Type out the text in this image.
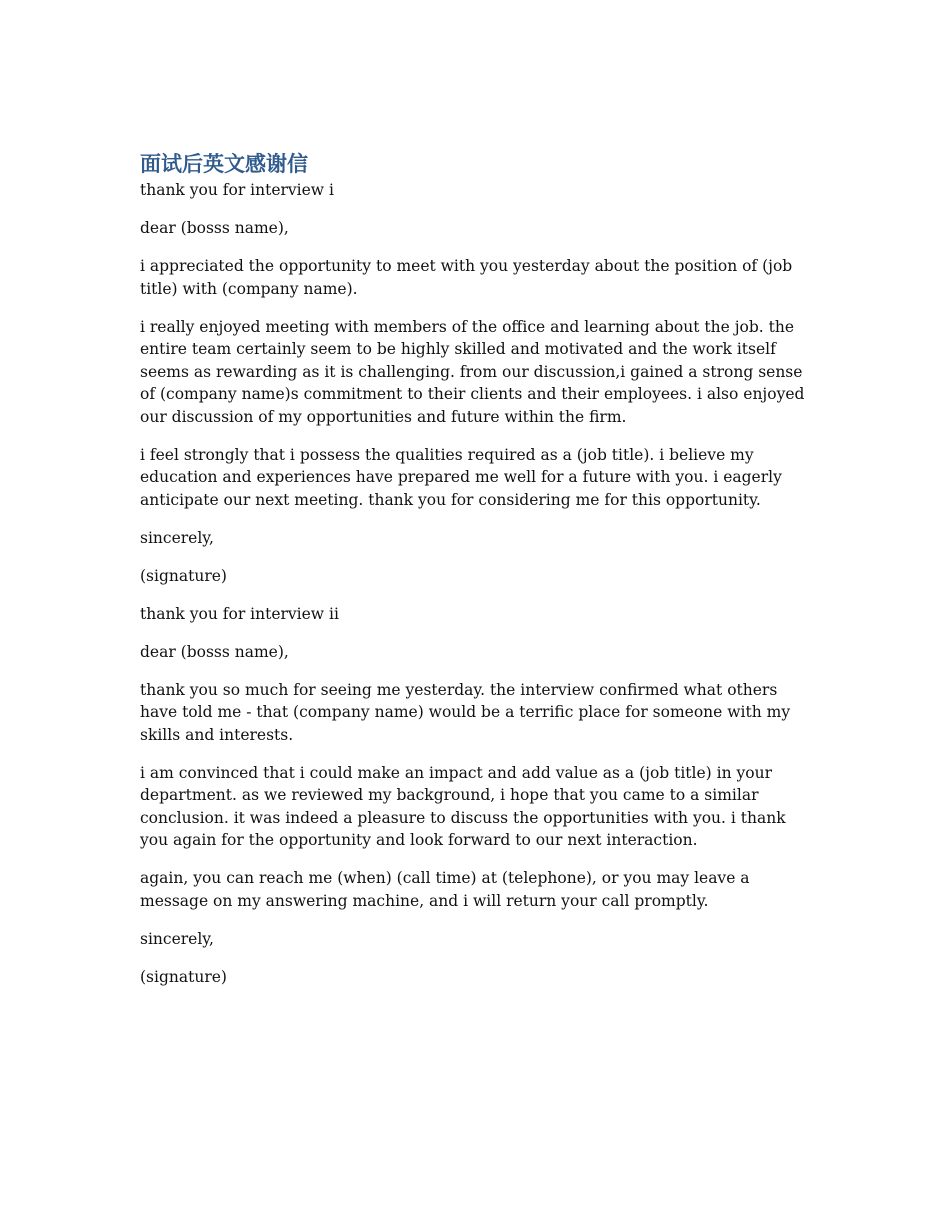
面试后英文感谢信

thank you for interview i

dear (bosss name),

i appreciated the opportunity to meet with you yesterday about the position of (job title) with (company name).

i really enjoyed meeting with members of the office and learning about the job. the entire team certainly seem to be highly skilled and motivated and the work itself seems as rewarding as it is challenging. from our discussion,i gained a strong sense of (company name)s commitment to their clients and their employees. i also enjoyed our discussion of my opportunities and future within the firm.

i feel strongly that i possess the qualities required as a (job title). i believe my education and experiences have prepared me well for a future with you. i eagerly anticipate our next meeting. thank you for considering me for this opportunity.

sincerely,

(signature)

thank you for interview ii

dear (bosss name),

thank you so much for seeing me yesterday. the interview confirmed what others have told me - that (company name) would be a terrific place for someone with my skills and interests.

i am convinced that i could make an impact and add value as a (job title) in your department. as we reviewed my background, i hope that you came to a similar conclusion. it was indeed a pleasure to discuss the opportunities with you. i thank you again for the opportunity and look forward to our next interaction.

again, you can reach me (when) (call time) at (telephone), or you may leave a message on my answering machine, and i will return your call promptly.

sincerely,

(signature)
